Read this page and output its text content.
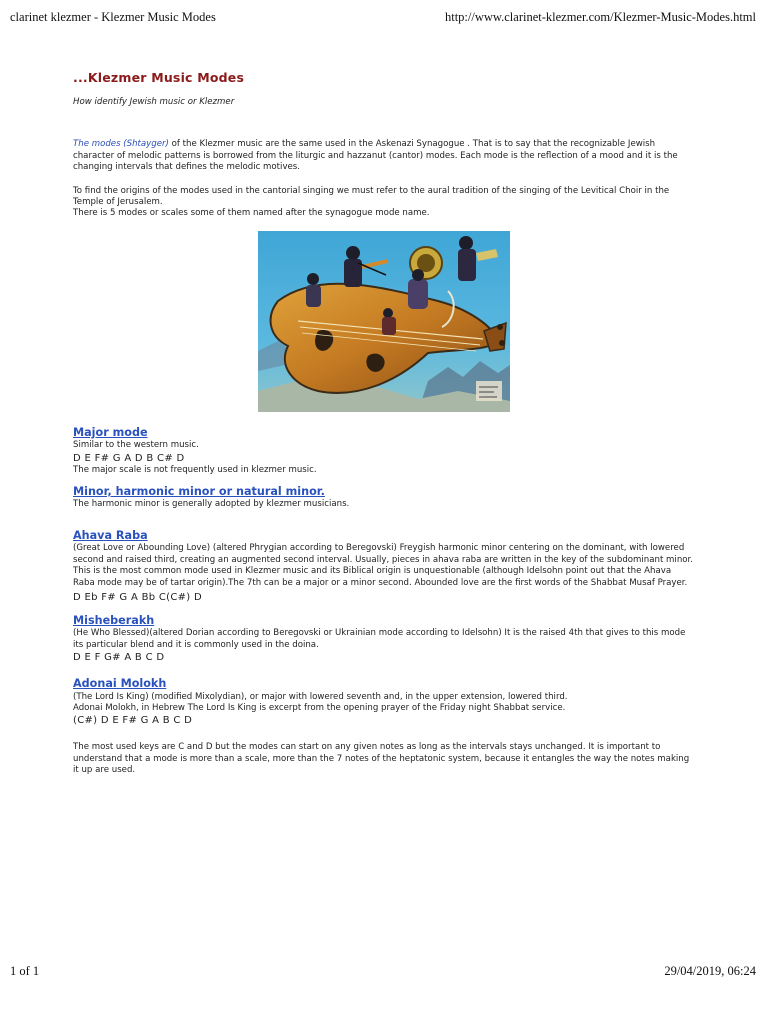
clarinet klezmer - Klezmer Music Modes	http://www.clarinet-klezmer.com/Klezmer-Music-Modes.html
...Klezmer Music Modes

How identify Jewish music or Klezmer

The modes (Shtayger) of the Klezmer music are the same used in the Askenazi Synagogue . That is to say that the recognizable Jewish character of melodic patterns is borrowed from the liturgic and hazzanut (cantor) modes. Each mode is the reflection of a mood and it is the changing intervals that defines the melodic motives.

To find the origins of the modes used in the cantorial singing we must refer to the aural tradition of the singing of the Levitical Choir in the Temple of Jerusalem.

There is 5 modes or scales some of them named after the synagogue mode name.

Major mode

Similar to the western music.

D E F# G A D B C# D

The major scale is not frequently used in klezmer music.

Minor, harmonic minor or natural minor.

The harmonic minor is generally adopted by klezmer musicians.

Ahava Raba

(Great Love or Abounding Love) (altered Phrygian according to Beregovski) Freygish harmonic minor centering on the dominant, with lowered second and raised third, creating an augmented second interval. Usually, pieces in ahava raba are written in the key of the subdominant minor. This is the most common mode used in Klezmer music and its Biblical origin is unquestionable (although Idelsohn point out that the Ahava Raba mode may be of tartar origin).The 7th can be a major or a minor second. Abounded love are the first words of the Shabbat Musaf Prayer.

D Eb F# G A Bb C(C#) D

Misheberakh

(He Who Blessed)(altered Dorian according to Beregovski or Ukrainian mode according to Idelsohn) It is the raised 4th that gives to this mode its particular blend and it is commonly used in the doina.

D E F G# A B C D

Adonai Molokh

(The Lord Is King) (modified Mixolydian), or major with lowered seventh and, in the upper extension, lowered third.

Adonai Molokh, in Hebrew The Lord Is King is excerpt from the opening prayer of the Friday night Shabbat service.

(C#) D E F# G A B C D

The most used keys are C and D but the modes can start on any given notes as long as the intervals stays unchanged. It is important to understand that a mode is more than a scale, more than the 7 notes of the heptatonic system, because it entangles the way the notes making it up are used.

1 of 1	29/04/2019, 06:24
